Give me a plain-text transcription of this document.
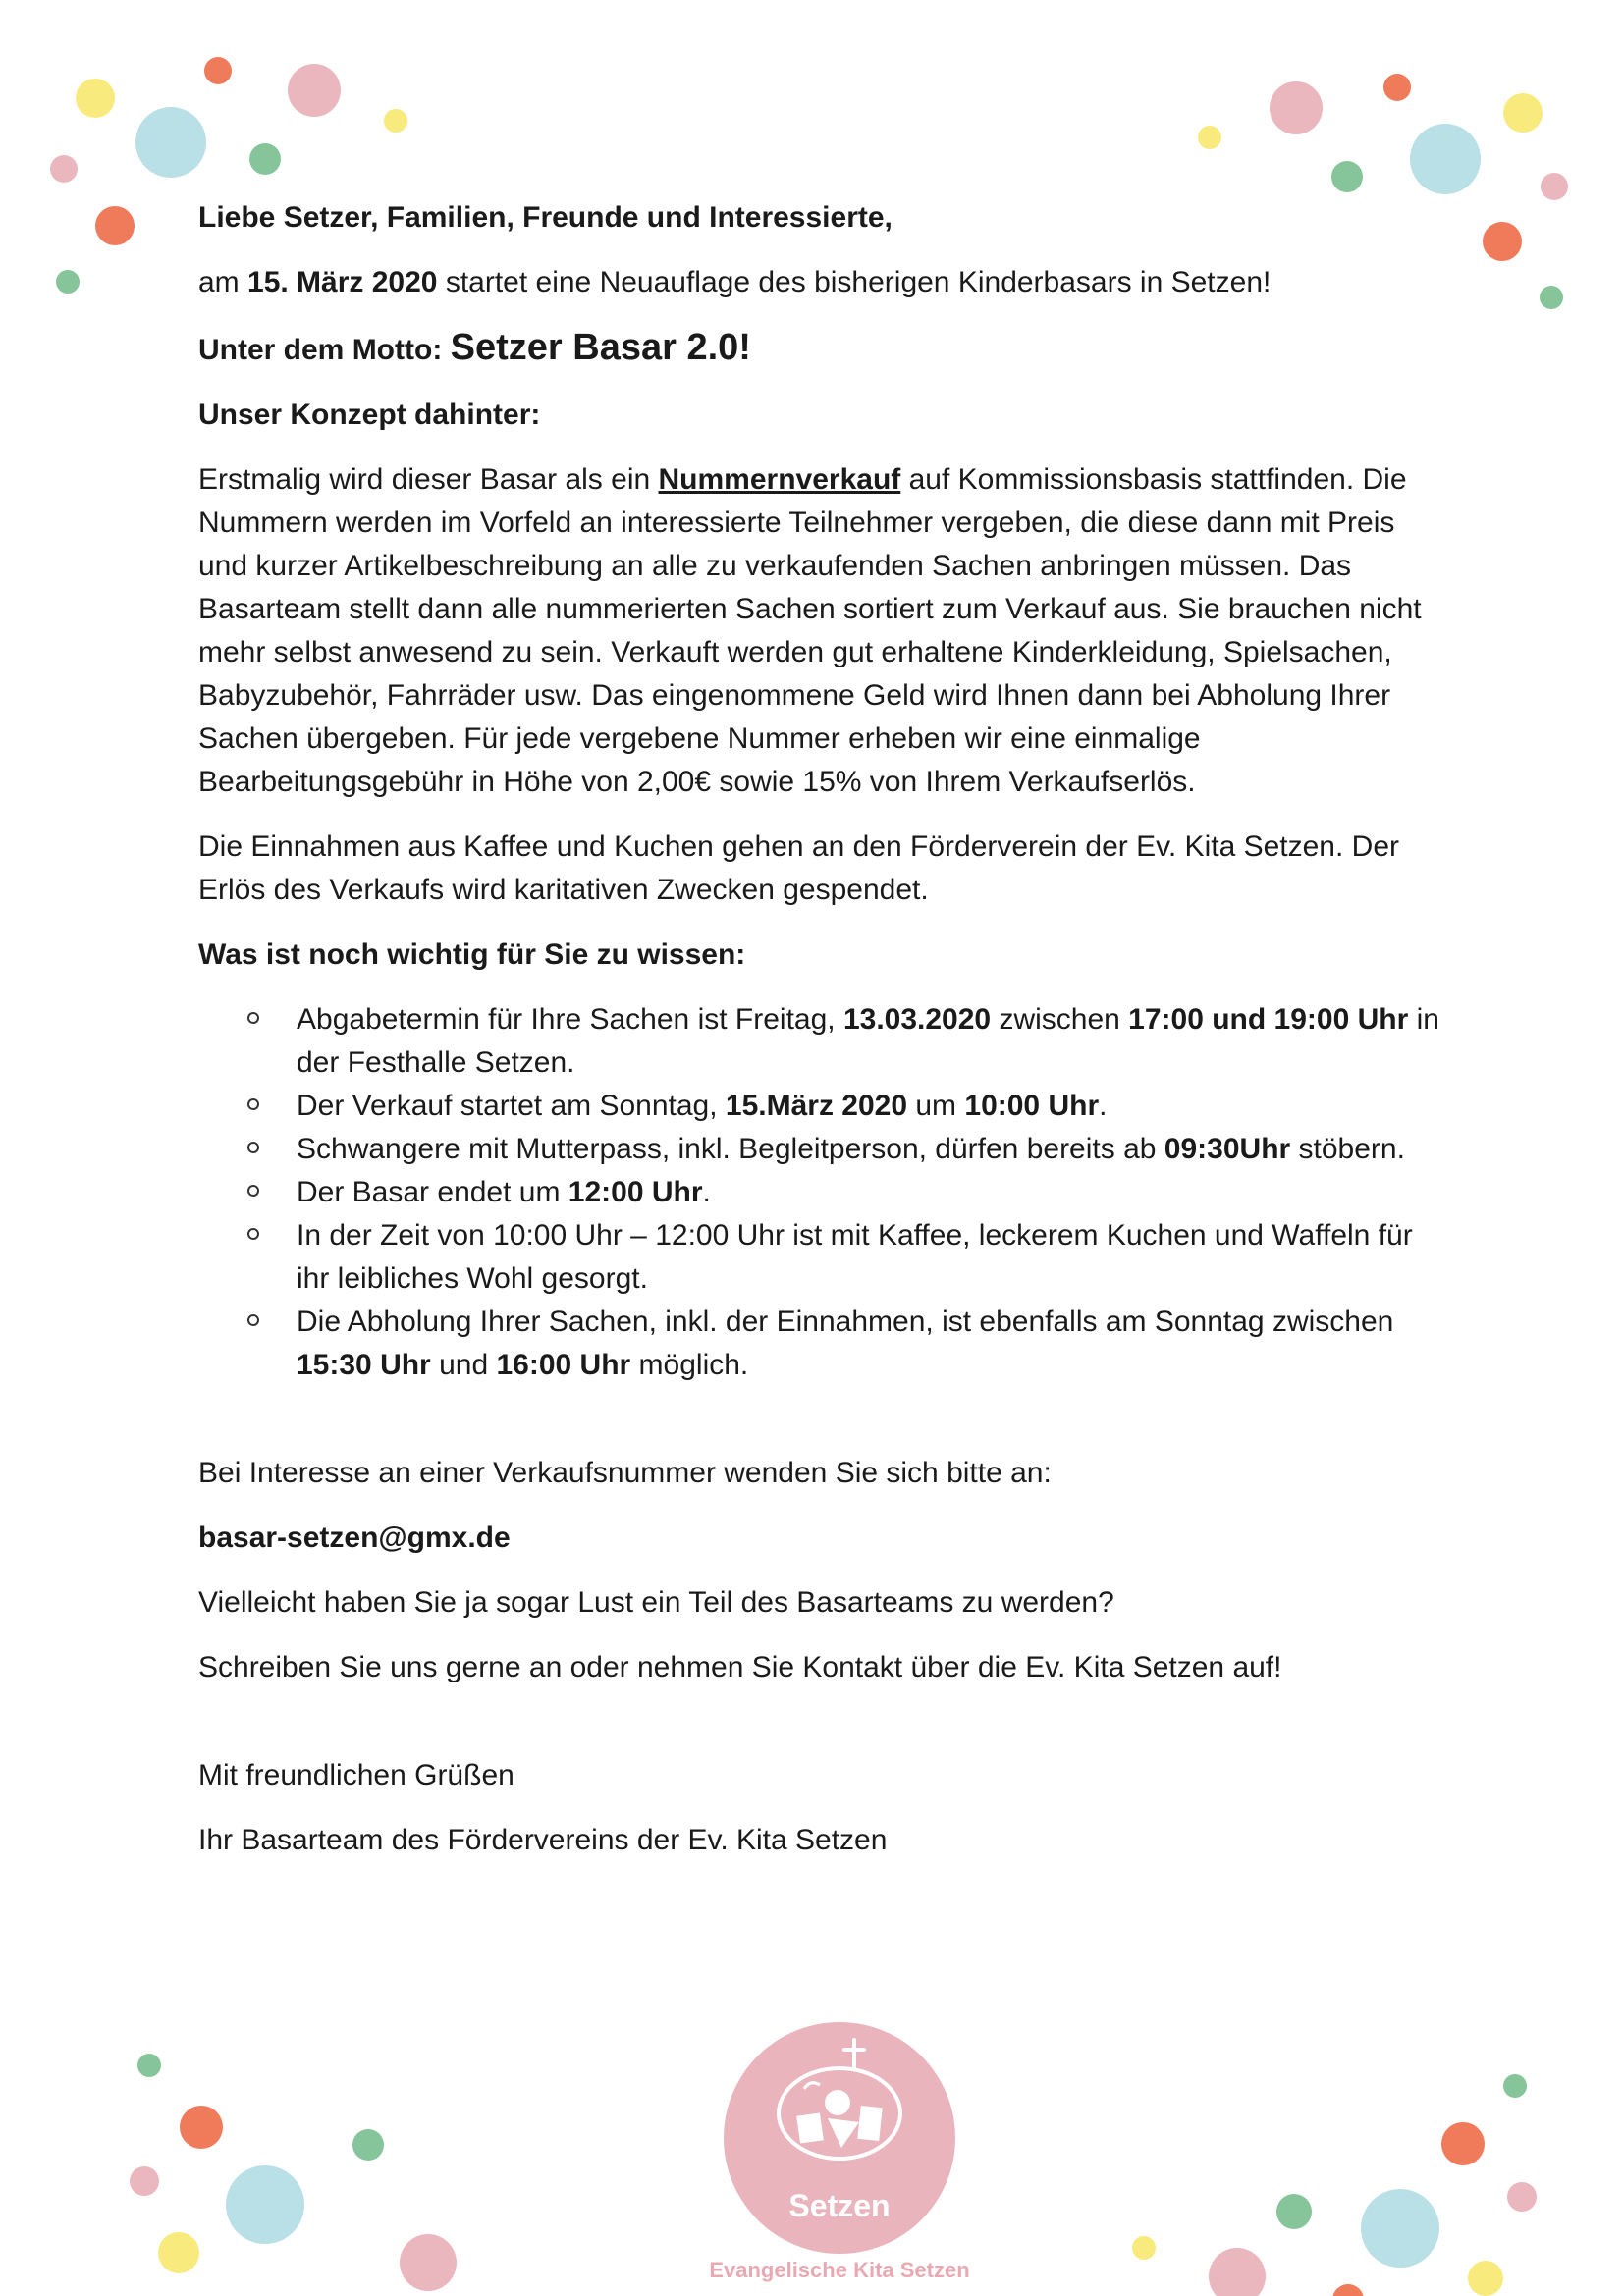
Liebe Setzer, Familien, Freunde und Interessierte,

am 15. März 2020 startet eine Neuauflage des bisherigen Kinderbasars in Setzen!

Unter dem Motto: Setzer Basar 2.0!

Unser Konzept dahinter:

Erstmalig wird dieser Basar als ein Nummernverkauf auf Kommissionsbasis stattfinden. Die Nummern werden im Vorfeld an interessierte Teilnehmer vergeben, die diese dann mit Preis und kurzer Artikelbeschreibung an alle zu verkaufenden Sachen anbringen müssen. Das Basarteam stellt dann alle nummerierten Sachen sortiert zum Verkauf aus. Sie brauchen nicht mehr selbst anwesend zu sein. Verkauft werden gut erhaltene Kinderkleidung, Spielsachen, Babyzubehör, Fahrräder usw. Das eingenommene Geld wird Ihnen dann bei Abholung Ihrer Sachen übergeben. Für jede vergebene Nummer erheben wir eine einmalige Bearbeitungsgebühr in Höhe von 2,00€ sowie 15% von Ihrem Verkaufserlös.

Die Einnahmen aus Kaffee und Kuchen gehen an den Förderverein der Ev. Kita Setzen. Der Erlös des Verkaufs wird karitativen Zwecken gespendet.

Was ist noch wichtig für Sie zu wissen:

Abgabetermin für Ihre Sachen ist Freitag, 13.03.2020 zwischen 17:00 und 19:00 Uhr in der Festhalle Setzen.
Der Verkauf startet am Sonntag, 15.März 2020 um 10:00 Uhr.
Schwangere mit Mutterpass, inkl. Begleitperson, dürfen bereits ab 09:30Uhr stöbern.
Der Basar endet um 12:00 Uhr.
In der Zeit von 10:00 Uhr – 12:00 Uhr ist mit Kaffee, leckerem Kuchen und Waffeln für ihr leibliches Wohl gesorgt.
Die Abholung Ihrer Sachen, inkl. der Einnahmen, ist ebenfalls am Sonntag zwischen 15:30 Uhr und 16:00 Uhr möglich.

Bei Interesse an einer Verkaufsnummer wenden Sie sich bitte an:

basar-setzen@gmx.de

Vielleicht haben Sie ja sogar Lust ein Teil des Basarteams zu werden?

Schreiben Sie uns gerne an oder nehmen Sie Kontakt über die Ev. Kita Setzen auf!

Mit freundlichen Grüßen

Ihr Basarteam des Fördervereins der Ev. Kita Setzen

Setzen
Evangelische Kita Setzen
